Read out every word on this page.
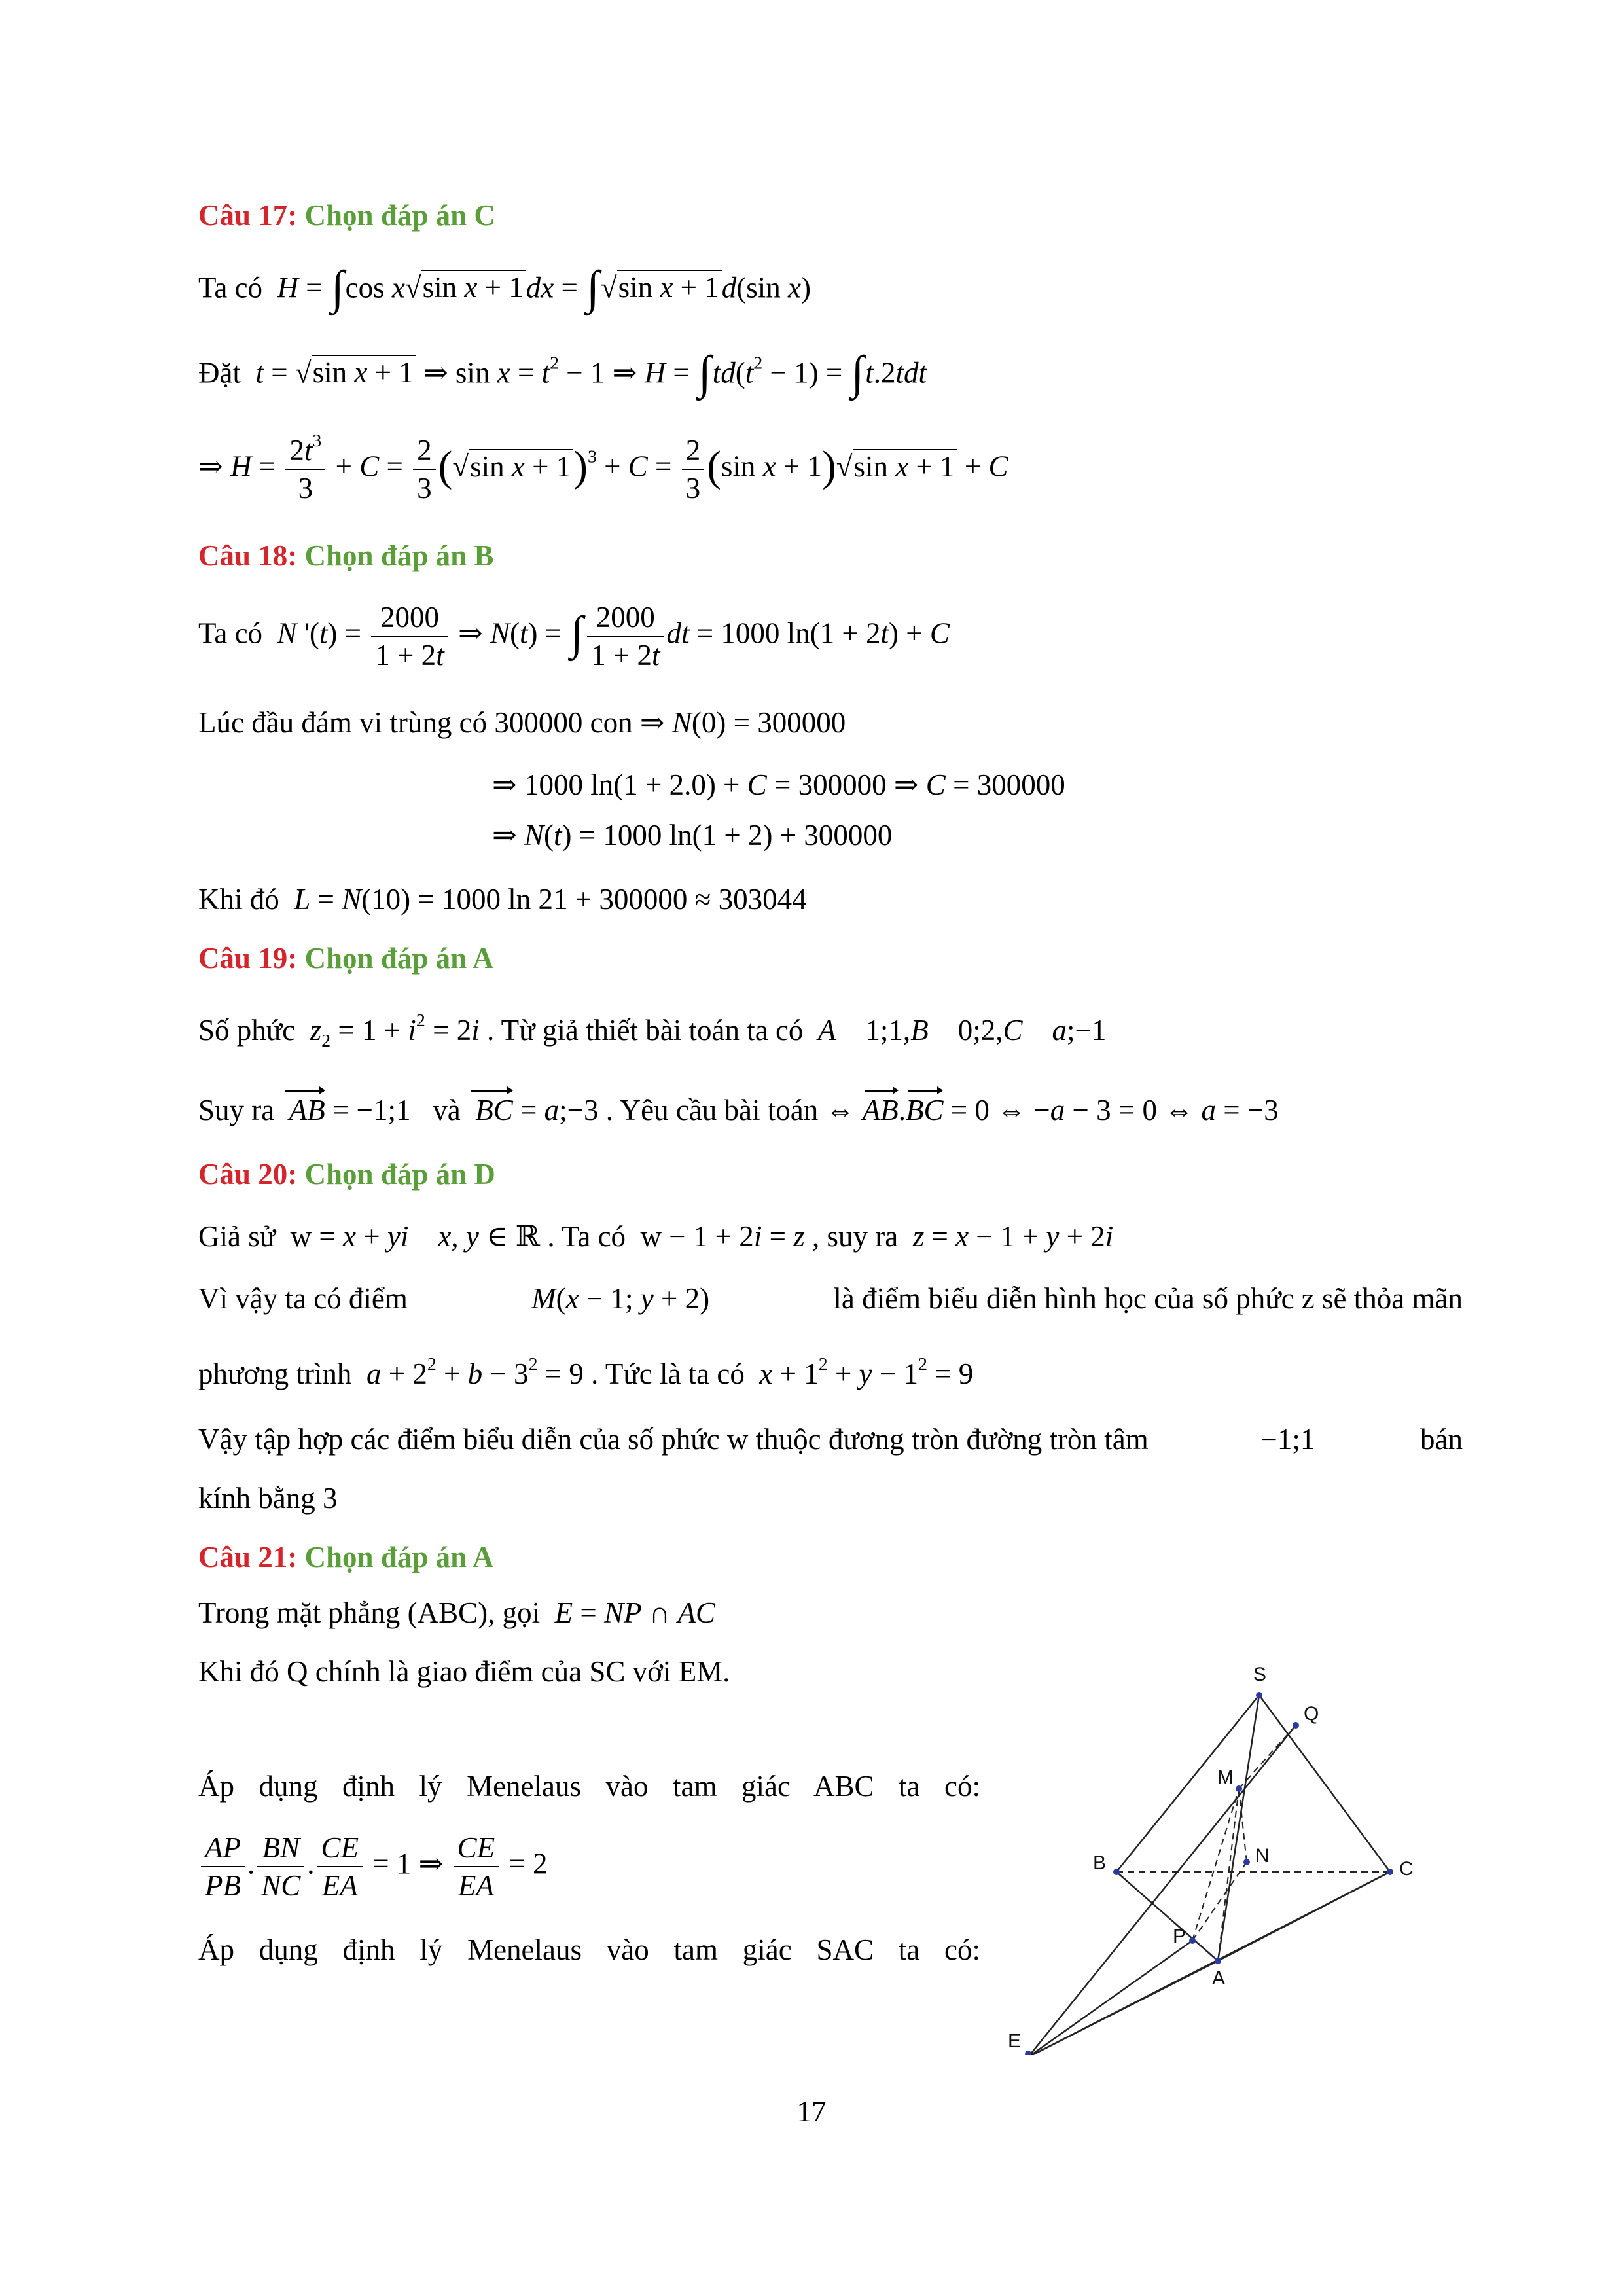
Câu 17: Chọn đáp án C
Ta có  H = ∫cos x√sin x + 1dx = ∫√sin x + 1d(sin x)
Đặt  t = √sin x + 1 ⇒ $\sin x = t^2 - 1$ ⇒ $H = \int td(t^2 - 1) = \int t.2tdt$
⇒ $H = \frac{2t^3}{3} + C = \frac{2}{3} (√\sin$ $x + 1)^3 + C = \frac{2}{3} (\sin$ x + 1)√sin x + 1 + C
Câu 18: Chọn đáp án B
Ta có  N '$(t) = \frac{2000}{1 + 2t}$ ⇒ N(t) = ∫ $\frac{2000}{1 + 2t}$ dt = 1000 ln(1 + 2t) + C
Lúc đầu đám vi trùng có 300000 con ⇒ N(0) = 300000
⇒ 1000 ln(1 + 2.0) + C = 300000 ⇒ C = 300000
⇒ N(t) = 1000 ln(1 + 2) + 300000
Khi đó  L = N(10) = 1000 ln 21 + 300000 ≈ 303044
Câu 19: Chọn đáp án A
Số phức  $z_2 = 1 + i^2 = 2i$ . Từ giả thiết bài toán ta có  A    1;1,B    0;2,C a;−1
Suy ra  AB = −1;1   và  BC = a;−3 . Yêu cầu bài toán ⇔ AB.BC = 0 ⇔ −a − 3 = 0 ⇔ a = −3
Câu 20: Chọn đáp án D
Giả sử  w = x + yi x, y ∈ ℝ . Ta có  w − 1 + 2i = z , suy ra  z = x − 1 + y + 2i
Vì vậy ta có điểm	M(x − 1; y + 2)	là điểm biểu diễn hình học của số phức z sẽ thỏa mãn
phương trình  $a + 2^2 + b - 3^2 = 9$ . Tức là ta có  $x + 1^2 + y - 1^2 = 9$
Vậy tập hợp các điểm biểu diễn của số phức w thuộc đương tròn đường tròn tâm	−1;1	bán
kính bằng 3
Câu 21: Chọn đáp án A
Trong mặt phẳng (ABC), gọi  E = NP ∩ AC
Khi đó Q chính là giao điểm của SC với EM.
Áp dụng định lý Menelaus vào tam giác ABC ta có:
$\frac{AP}{PB}$ . $\frac{BN}{NC}$ . $\frac{CE}{EA} = 1$ ⇒ $\frac{CE}{EA} = 2$
Áp dụng định lý Menelaus vào tam giác SAC ta có:
S
Q
M
B	N
C
P
A
E
17
